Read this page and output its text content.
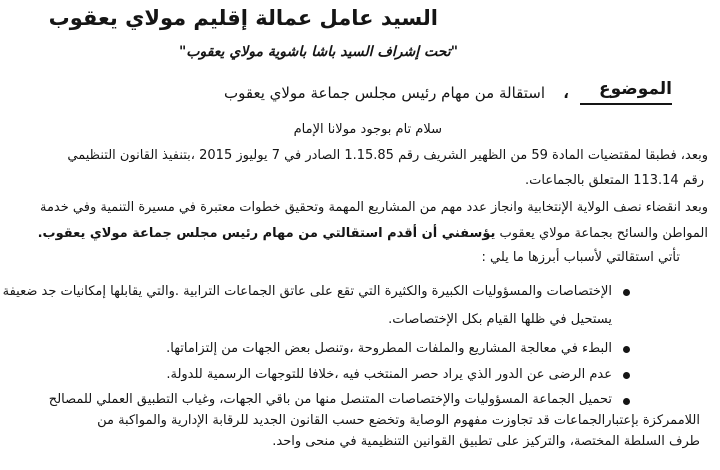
السيد عامل عمالة إقليم مولاي يعقوب
"تحت إشراف السيد باشا باشوية مولاي يعقوب"
الموضوع
،
استقالة من مهام رئيس مجلس جماعة مولاي يعقوب
سلام تام بوجود مولانا الإمام
وبعد، فطبقا لمقتضيات المادة 59 من الظهير الشريف رقم 1.15.85 الصادر في 7 يوليوز 2015 ،بتنفيذ القانون التنظيمي
رقم 113.14 المتعلق بالجماعات.
وبعد انقضاء نصف الولاية الإنتخابية وانجاز عدد مهم من المشاريع المهمة وتحقيق خطوات معتبرة في مسيرة التنمية وفي خدمة
المواطن والسائح بجماعة مولاي يعقوب يؤسفني أن أقدم استقالتي من مهام رئيس مجلس جماعة مولاي يعقوب.
تأتي استقالتي لأسباب أبرزها ما يلي :
الإختصاصات والمسؤوليات الكبيرة والكثيرة التي تقع على عاتق الجماعات الترابية .والتي يقابلها إمكانيات جد ضعيفة
يستحيل في ظلها القيام بكل الإختصاصات.
البطء في معالجة المشاريع والملفات المطروحة ،وتنصل بعض الجهات من إلتزاماتها.
عدم الرضى عن الدور الذي يراد حصر المنتخب فيه ،خلافا للتوجهات الرسمية للدولة.
تحميل الجماعة المسؤوليات والإختصاصات المتنصل منها من باقي الجهات، وغياب التطبيق العملي للمصالح
اللاممركزة بإعتبارالجماعات قد تجاوزت مفهوم الوصاية وتخضع حسب القانون الجديد للرقابة الإدارية والمواكبة من
طرف السلطة المختصة، والتركيز على تطبيق القوانين التنظيمية في منحى واحد.
